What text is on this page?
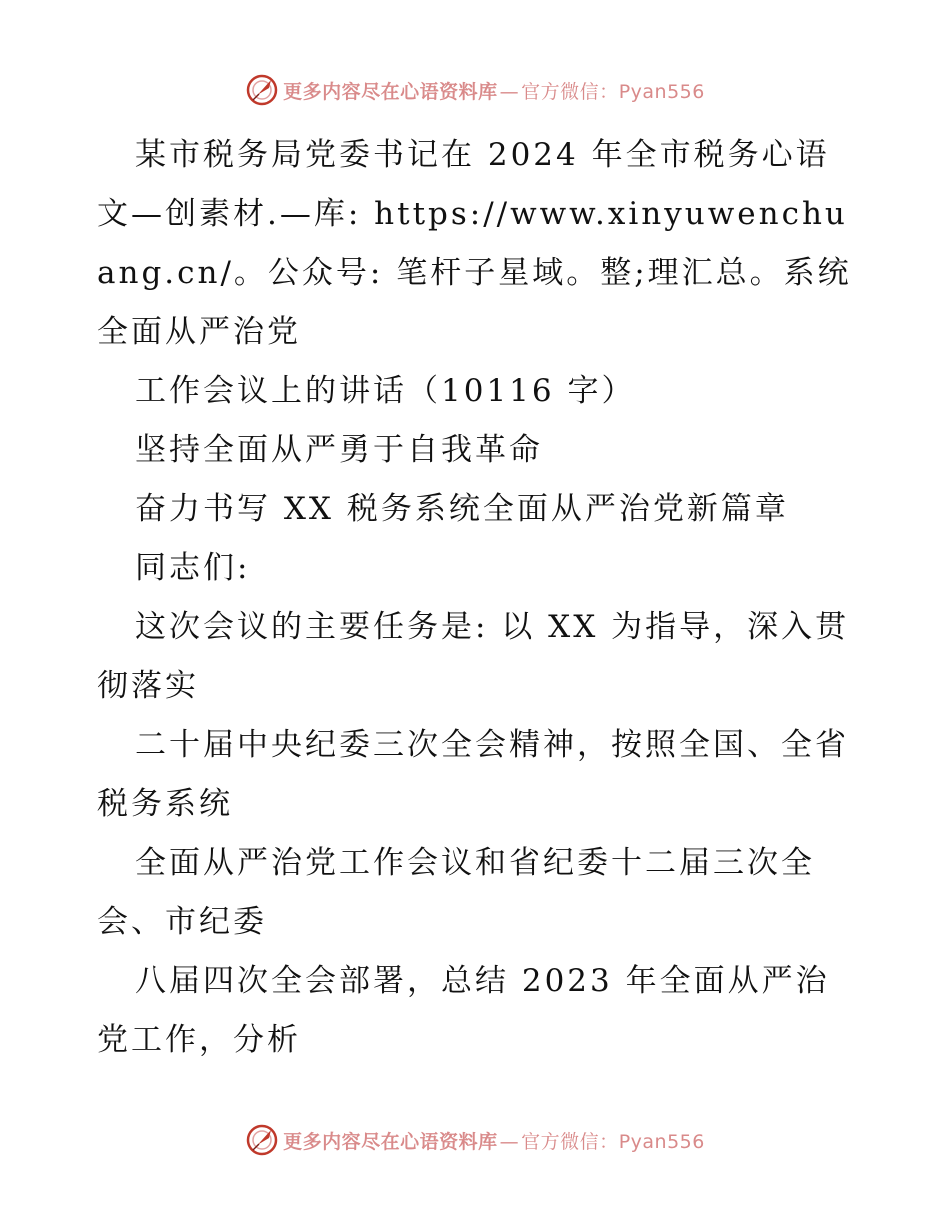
更多内容尽在心语资料库 — 官方微信：Pyan556

某市税务局党委书记在 2024 年全市税务心语文—创素材.—库: https://www.xinyuwenchuang.cn/。公众号: 笔杆子星域。整;理汇总。系统全面从严治党

工作会议上的讲话（10116 字）

坚持全面从严勇于自我革命

奋力书写 XX 税务系统全面从严治党新篇章

同志们:

这次会议的主要任务是: 以 XX 为指导，深入贯彻落实

二十届中央纪委三次全会精神，按照全国、全省税务系统

全面从严治党工作会议和省纪委十二届三次全会、市纪委

八届四次全会部署，总结 2023 年全面从严治党工作，分析

更多内容尽在心语资料库 — 官方微信：Pyan556
